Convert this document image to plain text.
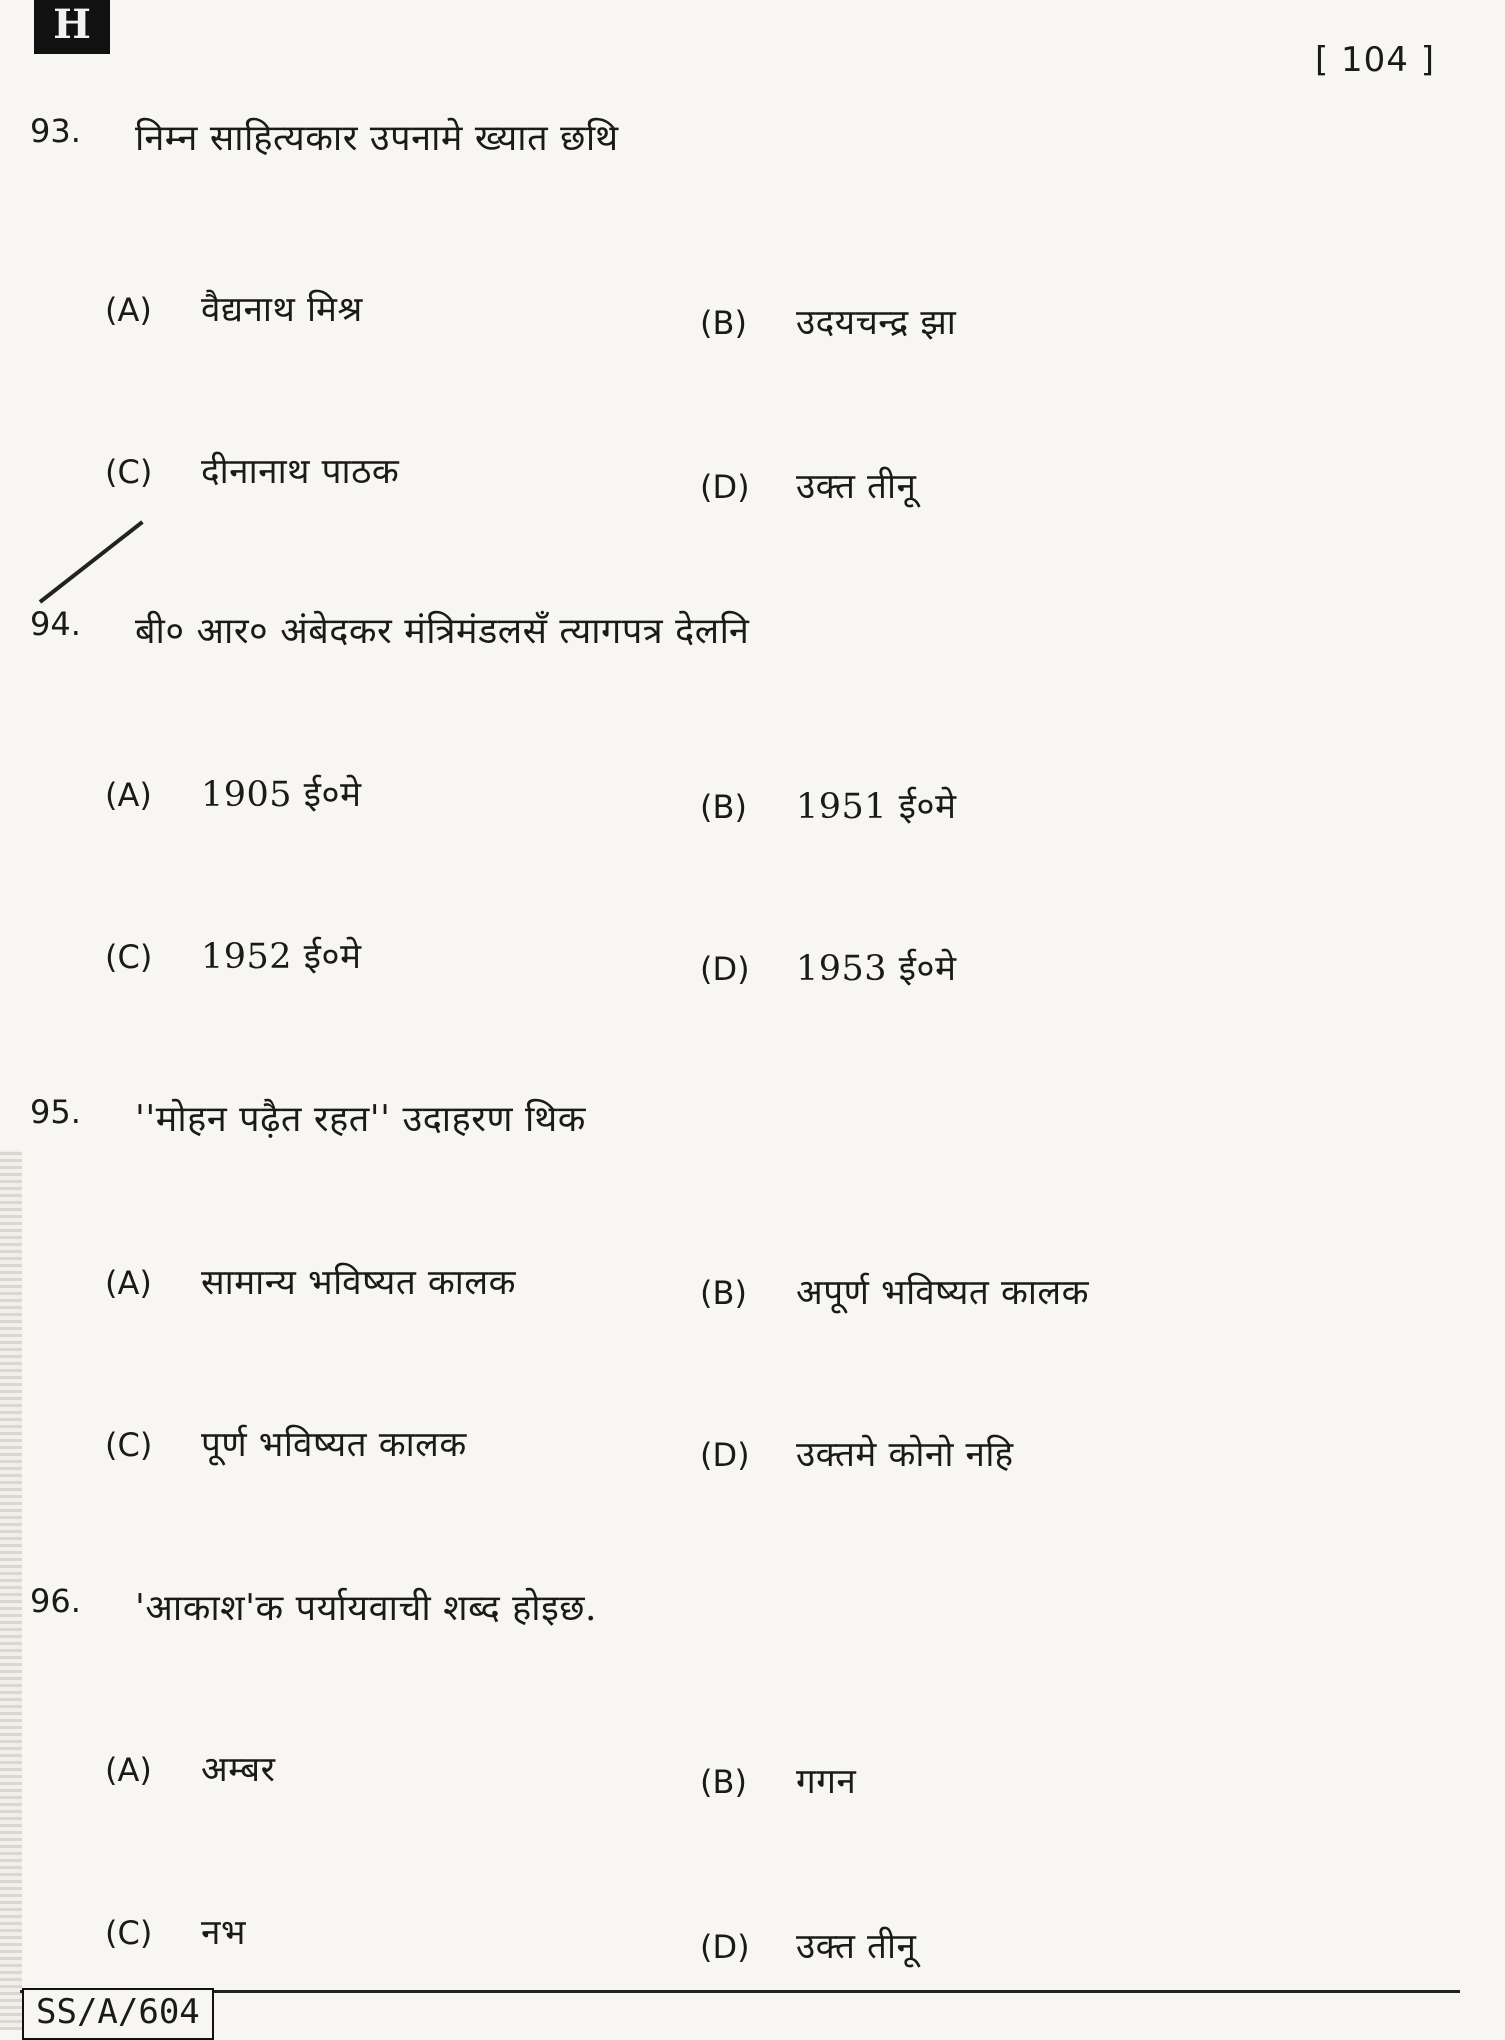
H
[ 104 ]
93.	निम्न साहित्यकार उपनामे ख्यात छथि
(A) वैद्यनाथ मिश्र	(B) उदयचन्द्र झा
(C) दीनानाथ पाठक	(D) उक्त तीनू
94.	बी० आर० अंबेदकर मंत्रिमंडलसँ त्यागपत्र देलनि
(A) 1905 ई०मे	(B) 1951 ई०मे
(C) 1952 ई०मे	(D) 1953 ई०मे
95.	''मोहन पढ़ैत रहत'' उदाहरण थिक
(A) सामान्य भविष्यत कालक	(B) अपूर्ण भविष्यत कालक
(C) पूर्ण भविष्यत कालक	(D) उक्तमे कोनो नहि
96.	'आकाश'क पर्यायवाची शब्द होइछ.
(A) अम्बर	(B) गगन
(C) नभ	(D) उक्त तीनू
SS/A/604
